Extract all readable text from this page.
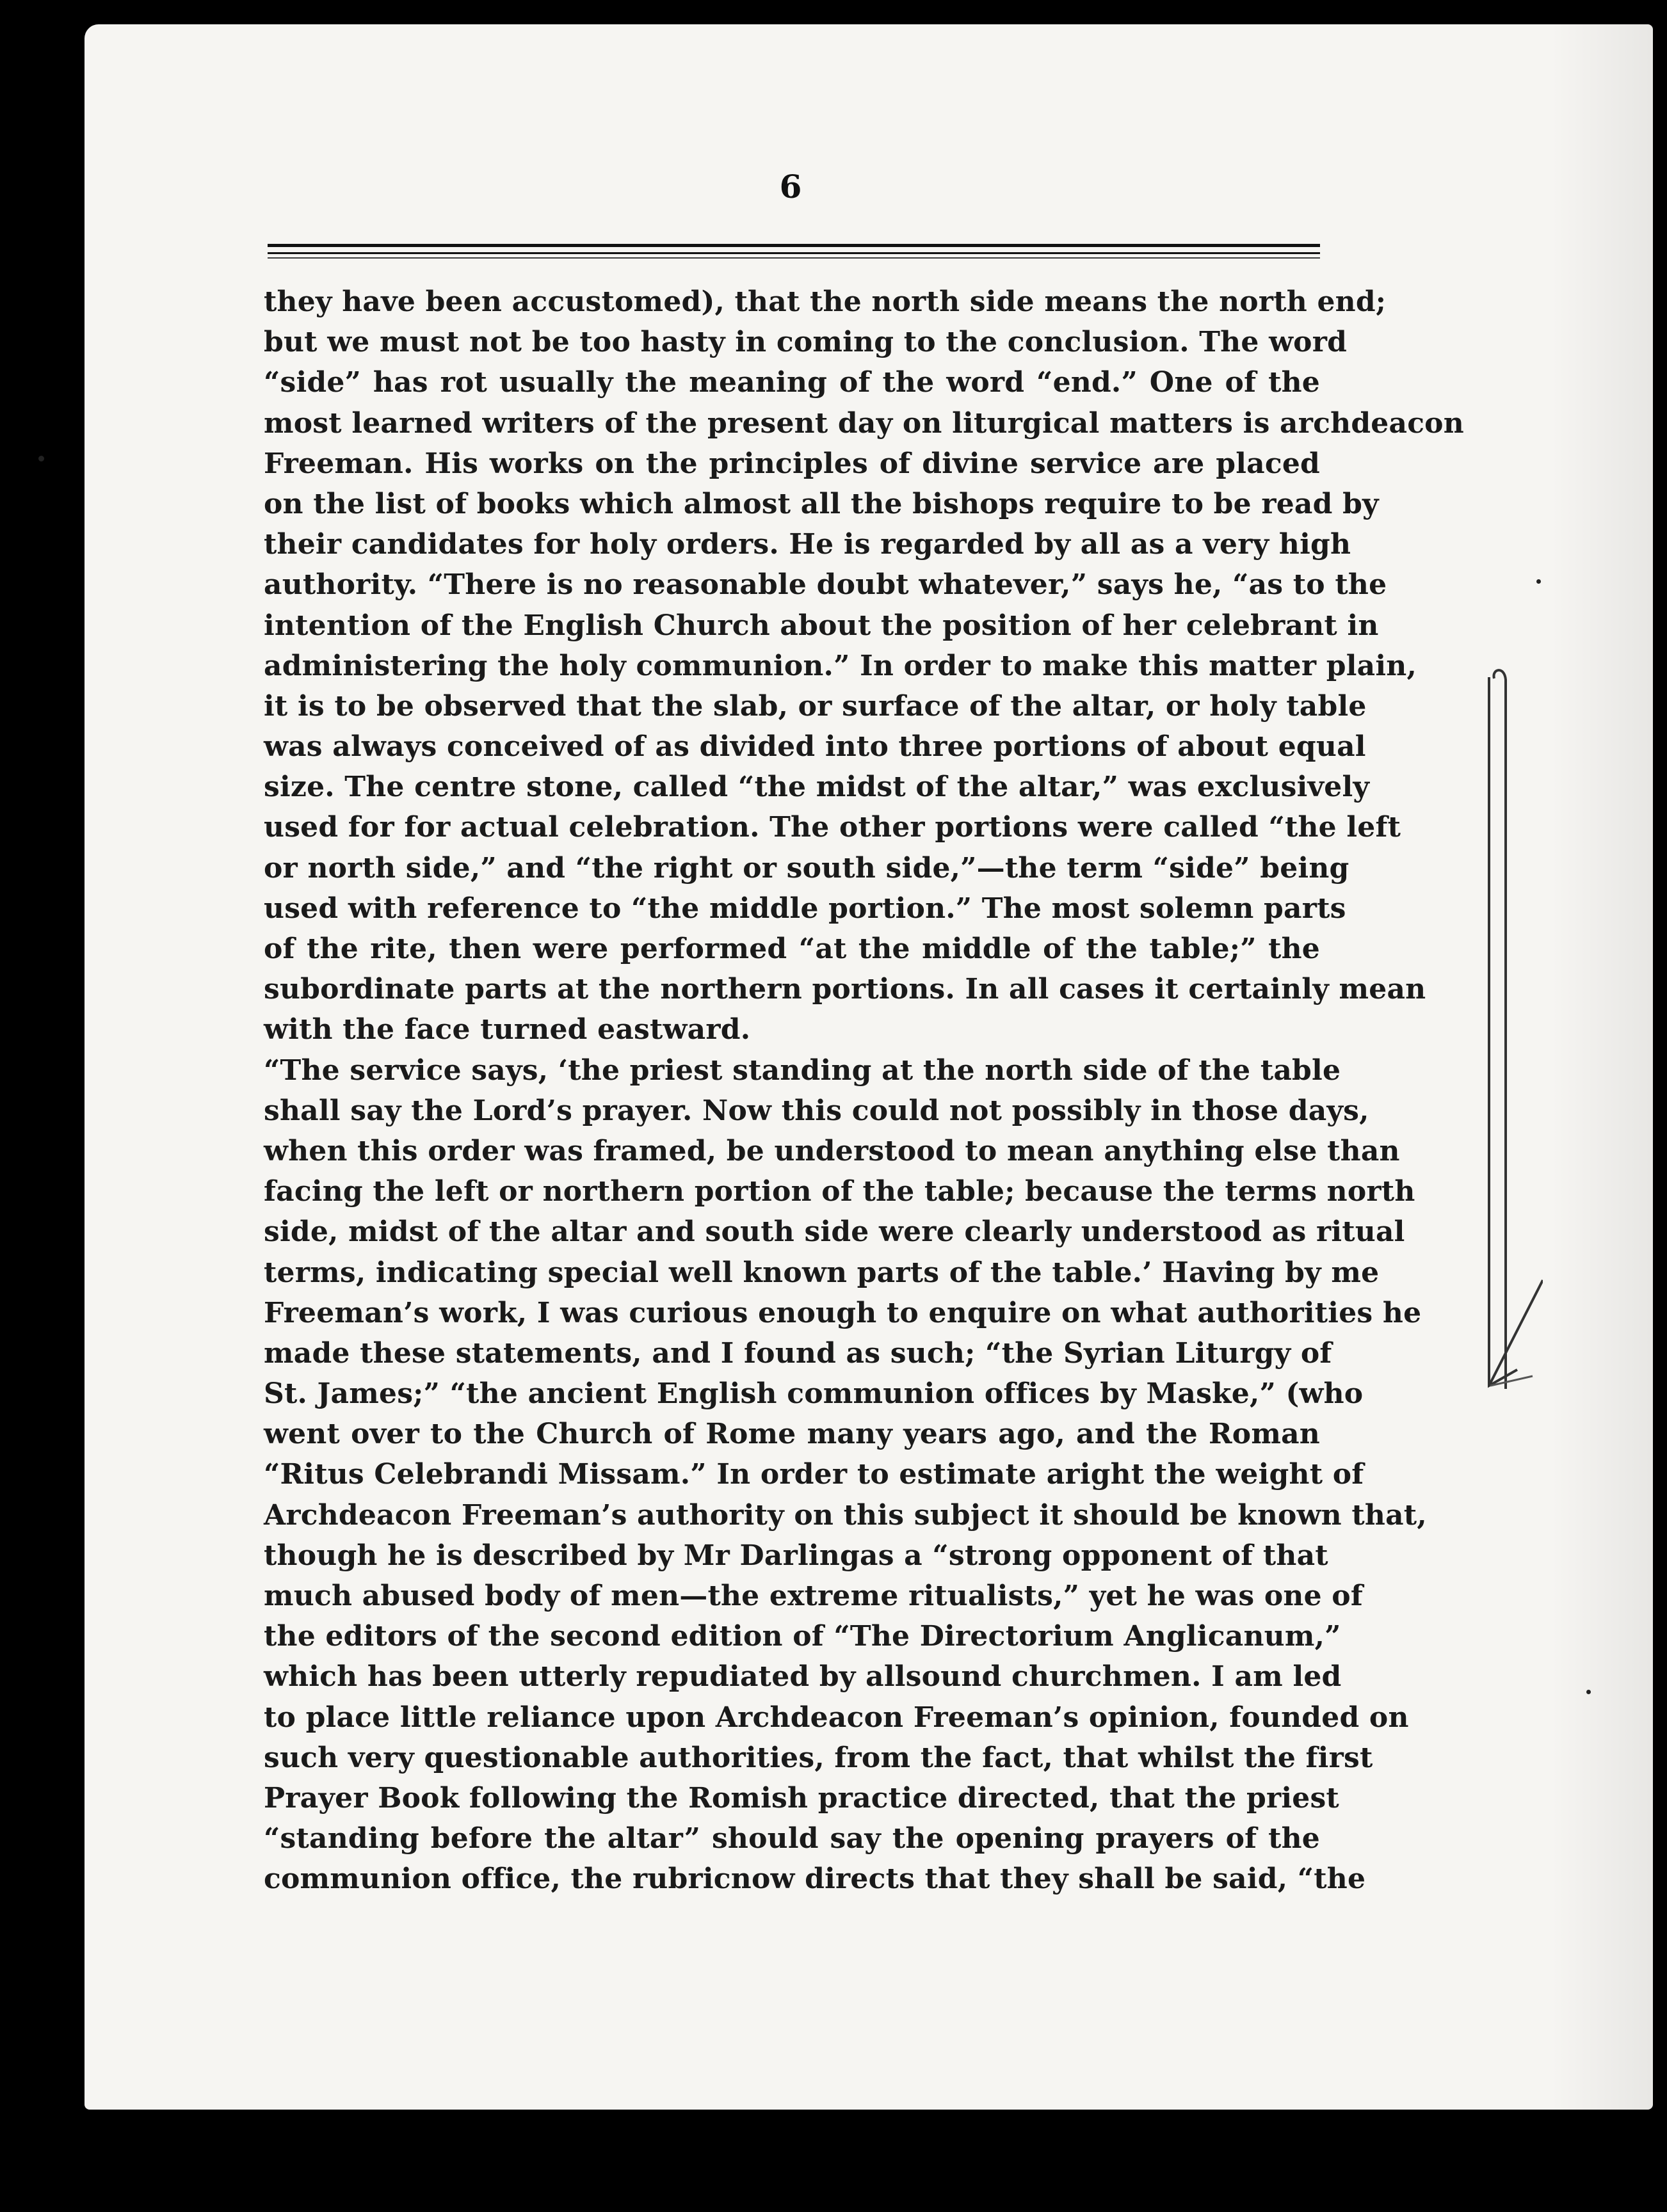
6
they have been accustomed), that the north side means the north end;
but we must not be too hasty in coming to the conclusion. The word
“side” has rot usually the meaning of the word “end.” One of the
most learned writers of the present day on liturgical matters is archdeacon
Freeman. His works on the principles of divine service are placed
on the list of books which almost all the bishops require to be read by
their candidates for holy orders. He is regarded by all as a very high
authority. “There is no reasonable doubt whatever,” says he, “as to the
intention of the English Church about the position of her celebrant in
administering the holy communion.” In order to make this matter plain,
it is to be observed that the slab, or surface of the altar, or holy table
was always conceived of as divided into three portions of about equal
size. The centre stone, called “the midst of the altar,” was exclusively
used for for actual celebration. The other portions were called “the left
or north side,” and “the right or south side,”—the term “side” being
used with reference to “the middle portion.” The most solemn parts
of the rite, then were performed “at the middle of the table;” the
subordinate parts at the northern portions. In all cases it certainly mean
with the face turned eastward.
“The service says, ‘the priest standing at the north side of the table
shall say the Lord’s prayer. Now this could not possibly in those days,
when this order was framed, be understood to mean anything else than
facing the left or northern portion of the table; because the terms north
side, midst of the altar and south side were clearly understood as ritual
terms, indicating special well known parts of the table.’ Having by me
Freeman’s work, I was curious enough to enquire on what authorities he
made these statements, and I found as such; “the Syrian Liturgy of
St. James;” “the ancient English communion offices by Maske,” (who
went over to the Church of Rome many years ago, and the Roman
“Ritus Celebrandi Missam.” In order to estimate aright the weight of
Archdeacon Freeman’s authority on this subject it should be known that,
though he is described by Mr Darlingas a “strong opponent of that
much abused body of men—the extreme ritualists,” yet he was one of
the editors of the second edition of “The Directorium Anglicanum,”
which has been utterly repudiated by allsound churchmen. I am led
to place little reliance upon Archdeacon Freeman’s opinion, founded on
such very questionable authorities, from the fact, that whilst the first
Prayer Book following the Romish practice directed, that the priest
“standing before the altar” should say the opening prayers of the
communion office, the rubricnow directs that they shall be said, “the
